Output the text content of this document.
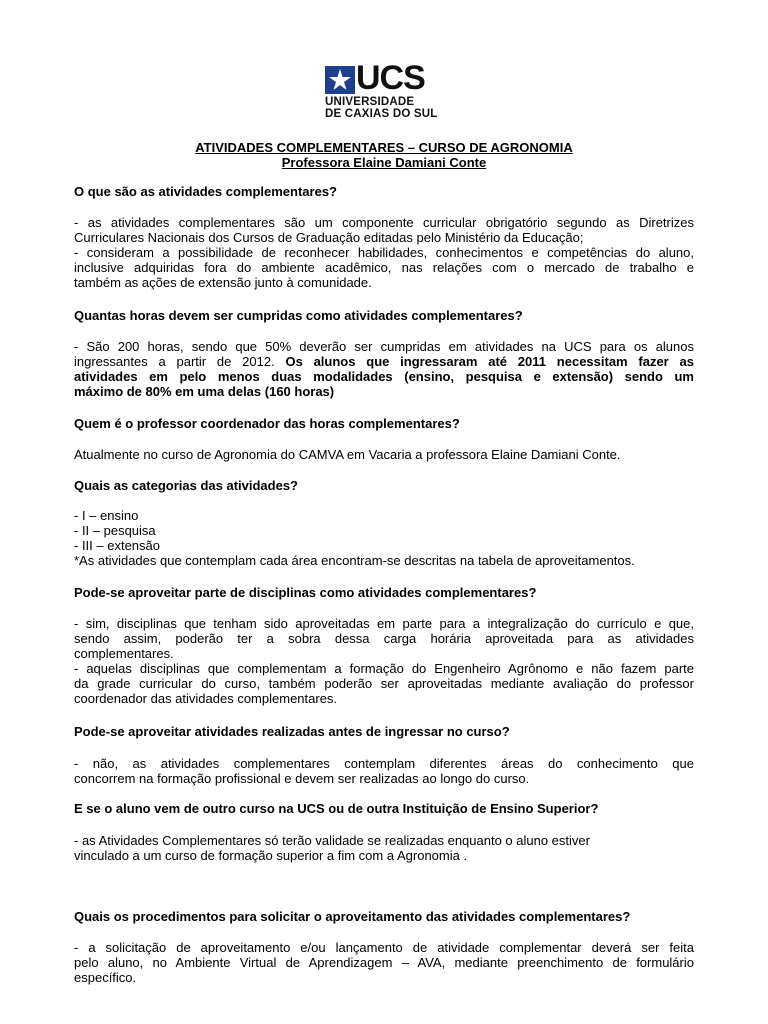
UCS
UNIVERSIDADE
DE CAXIAS DO SUL
ATIVIDADES COMPLEMENTARES – CURSO DE AGRONOMIA
Professora Elaine Damiani Conte
O que são as atividades complementares?
- as atividades complementares são um componente curricular obrigatório segundo as Diretrizes
Curriculares Nacionais dos Cursos de Graduação editadas pelo Ministério da Educação;
- consideram a possibilidade de reconhecer habilidades, conhecimentos e competências do aluno,
inclusive adquiridas fora do ambiente acadêmico, nas relações com o mercado de trabalho e
também as ações de extensão junto à comunidade.
Quantas horas devem ser cumpridas como atividades complementares?
- São 200 horas, sendo que 50% deverão ser cumpridas em atividades na UCS para os alunos
ingressantes a partir de 2012. Os alunos que ingressaram até 2011 necessitam fazer as
atividades em pelo menos duas modalidades (ensino, pesquisa e extensão) sendo um
máximo de 80% em uma delas (160 horas)
Quem é o professor coordenador das horas complementares?
Atualmente no curso de Agronomia do CAMVA em Vacaria a professora Elaine Damiani Conte.
Quais as categorias das atividades?
- I – ensino
- II – pesquisa
- III – extensão
*As atividades que contemplam cada área encontram-se descritas na tabela de aproveitamentos.
Pode-se aproveitar parte de disciplinas como atividades complementares?
- sim, disciplinas que tenham sido aproveitadas em parte para a integralização do currículo e que,
sendo assim, poderão ter a sobra dessa carga horária aproveitada para as atividades
complementares.
- aquelas disciplinas que complementam a formação do Engenheiro Agrônomo e não fazem parte
da grade curricular do curso, também poderão ser aproveitadas mediante avaliação do professor
coordenador das atividades complementares.
Pode-se aproveitar atividades realizadas antes de ingressar no curso?
- não, as atividades complementares contemplam diferentes áreas do conhecimento que
concorrem na formação profissional e devem ser realizadas ao longo do curso.
E se o aluno vem de outro curso na UCS ou de outra Instituição de Ensino Superior?
- as Atividades Complementares só terão validade se realizadas enquanto o aluno estiver
vinculado a um curso de formação superior a fim com a Agronomia .
Quais os procedimentos para solicitar o aproveitamento das atividades complementares?
- a solicitação de aproveitamento e/ou lançamento de atividade complementar deverá ser feita
pelo aluno, no Ambiente Virtual de Aprendizagem – AVA, mediante preenchimento de formulário
específico.
